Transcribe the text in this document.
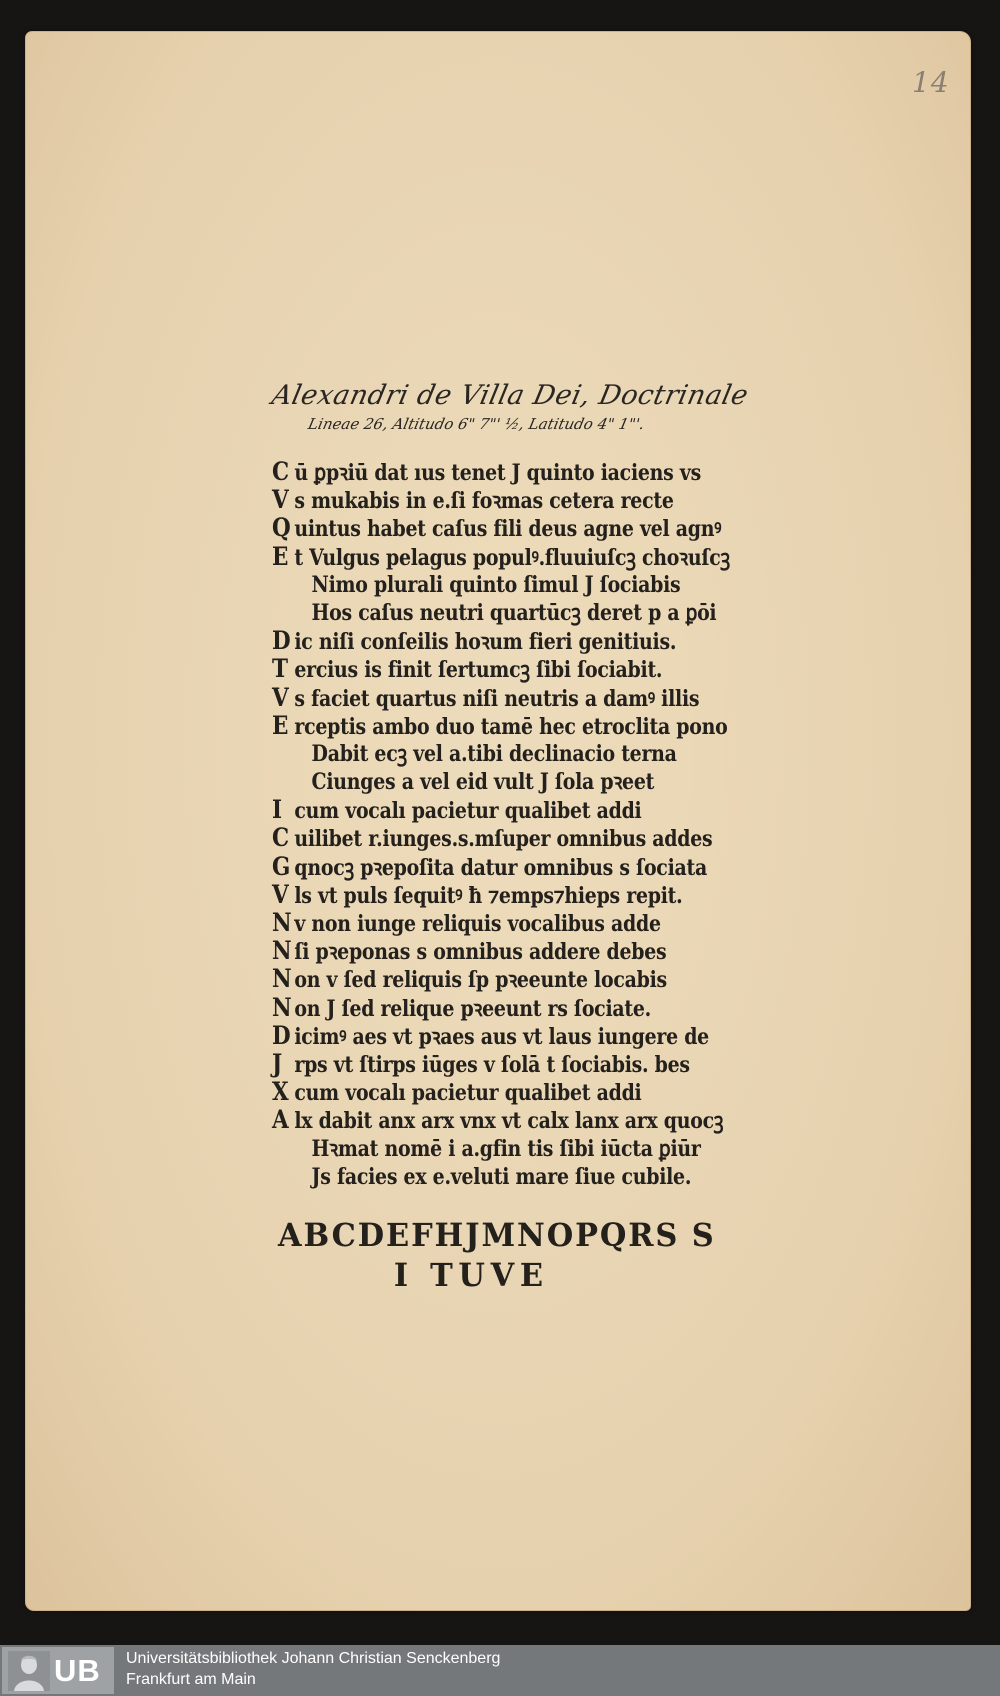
14
Alexandri de Villa Dei, Doctrinale
Lineae 26, Altitudo 6" 7"' ½, Latitudo 4" 1"'.
C ū ꝑpꝛiū dat ıus tenet J quinto iaciens vs
V s mukabis in e.ſi foꝛmas cetera recte
Q uintus habet caſus fili deus agne vel agnꝰ
E t Vulgus pelagus populꝰ.fluuiuſcꝫ choꝛuſcꝫ
Nimo plurali quinto ſimul J ſociabis
Hos caſus neutri quartūcꝫ deret p a ꝑōi
D ic niſi conſeilis hoꝛum fieri genitiuis.
T ercius is finit ſertumcꝫ ſibi ſociabit.
V s faciet quartus niſi neutris a damꝰ illis
E rceptis ambo duo tamē hec etroclita pono
Dabit ecꝫ vel a.tibi declinacio terna
Ciunges a vel eid vult J ſola pꝛeet
I cum vocalı pacietur qualibet addi
C uilibet r.iunges.s.mſuper omnibus addes
G qnocꝫ pꝛepoſita datur omnibus s ſociata
V ls vt puls ſequitꝰ ħ ⁊emps⁊hieps repit.
N v non iunge reliquis vocalibus adde
N ſi pꝛeponas s omnibus addere debes
N on v ſed reliquis ſp pꝛeeunte locabis
N on J ſed relique pꝛeeunt rs ſociate.
D icimꝰ aes vt pꝛaes aus vt laus iungere de
J rps vt ſtirps iūges v ſolā t ſociabis. bes
X cum vocalı pacietur qualibet addi
A lx dabit anx arx vnx vt calx lanx arx quocꝫ
Hꝛmat nomē i a.gfin tis ſibi iūcta ꝑiūr
Js facies ex e.veluti mare ſiue cubile.
ABCDEFHJMNOPQRS S
I TUVE
UB Universitätsbibliothek Johann Christian Senckenberg
Frankfurt am Main
